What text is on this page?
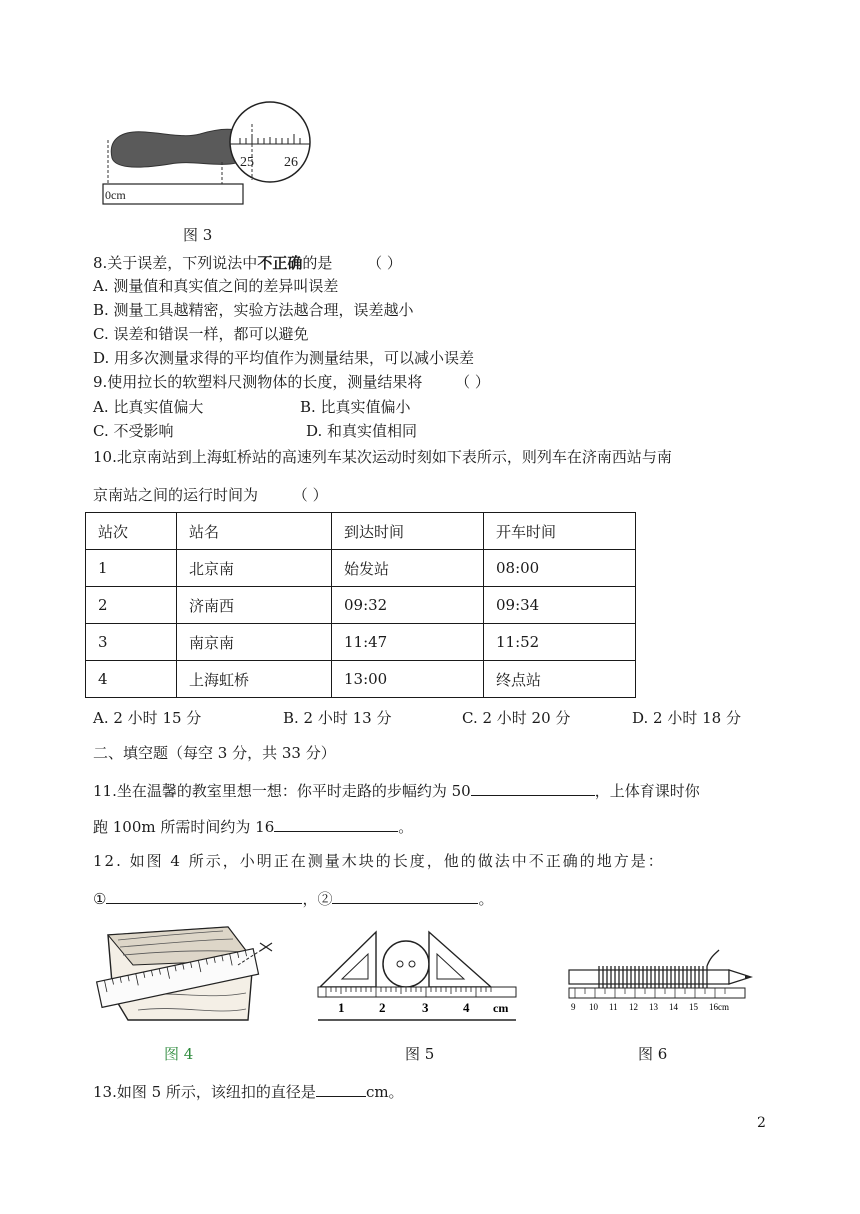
25 26
0cm
图 3
8.关于误差，下列说法中不正确的是 （ ）
A. 测量值和真实值之间的差异叫误差
B. 测量工具越精密，实验方法越合理，误差越小
C. 误差和错误一样，都可以避免
D. 用多次测量求得的平均值作为测量结果，可以减小误差
9.使用拉长的软塑料尺测物体的长度，测量结果将 （ ）
A. 比真实值偏大	B. 比真实值偏小
C. 不受影响	D. 和真实值相同
10.北京南站到上海虹桥站的高速列车某次运动时刻如下表所示，则列车在济南西站与南
京南站之间的运行时间为 （ ）
站次	站名	到达时间	开车时间
1	北京南	始发站	08:00
2	济南西	09:32	09:34
3	南京南	11:47	11:52
4	上海虹桥	13:00	终点站
A. 2 小时 15 分	B. 2 小时 13 分	C. 2 小时 20 分	D. 2 小时 18 分
二、填空题（每空 3 分，共 33 分）
11.坐在温馨的教室里想一想：你平时走路的步幅约为 50	，上体育课时你
跑 100m 所需时间约为 16	。
12. 如图 4 所示，小明正在测量木块的长度，他的做法中不正确的地方是：
①	，②	。
图 4
1	2	3	4 cm
图 5
9 10 11 12 13 14 15 16cm
图 6
13.如图 5 所示，该纽扣的直径是	cm。
2
